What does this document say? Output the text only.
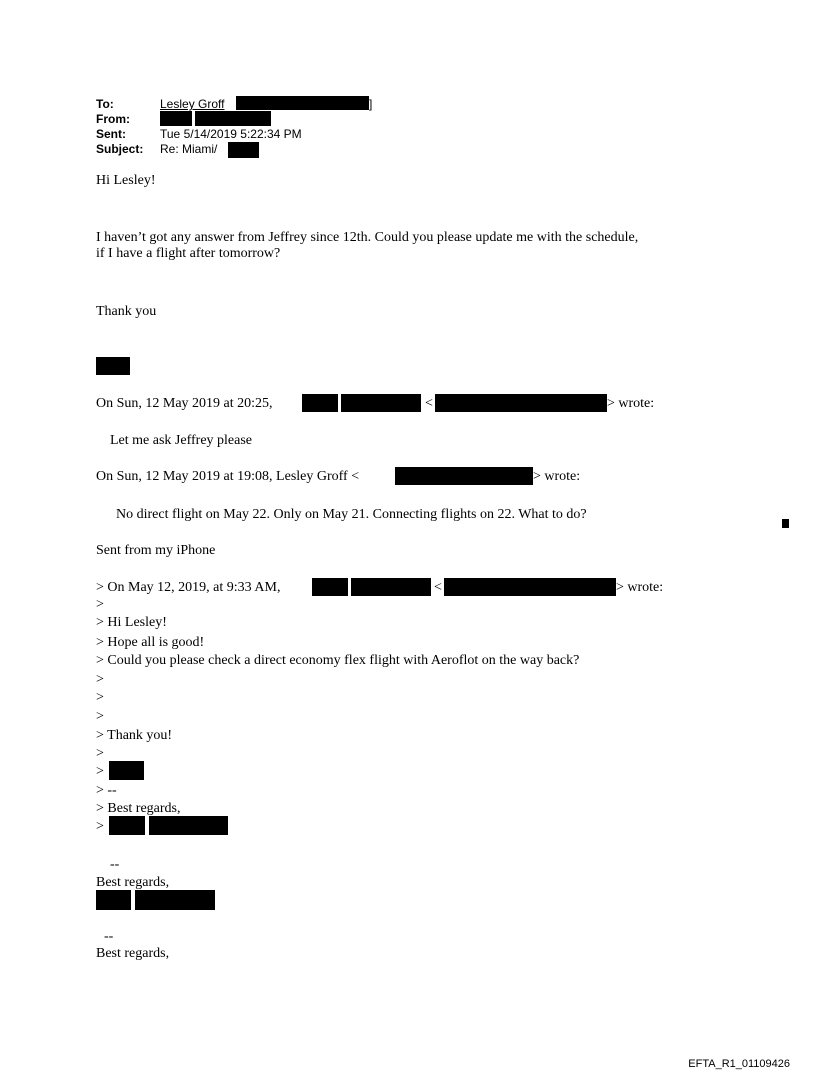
To:	Lesley Groff	]
From:
Sent:	Tue 5/14/2019 5:22:34 PM
Subject: Re: Miami/
Hi Lesley!
I haven’t got any answer from Jeffrey since 12th. Could you please update me with the schedule,
if I have a flight after tomorrow?
Thank you
On Sun, 12 May 2019 at 20:25,	<	> wrote:
Let me ask Jeffrey please
On Sun, 12 May 2019 at 19:08, Lesley Groff <	> wrote:
No direct flight on May 22. Only on May 21. Connecting flights on 22. What to do?
Sent from my iPhone
> On May 12, 2019, at 9:33 AM,	<	> wrote:
>
> Hi Lesley!
> Hope all is good!
> Could you please check a direct economy flex flight with Aeroflot on the way back?
>
>
>
> Thank you!
>
>
> --
> Best regards,
>
--
Best regards,
--
Best regards,
EFTA_R1_01109426
